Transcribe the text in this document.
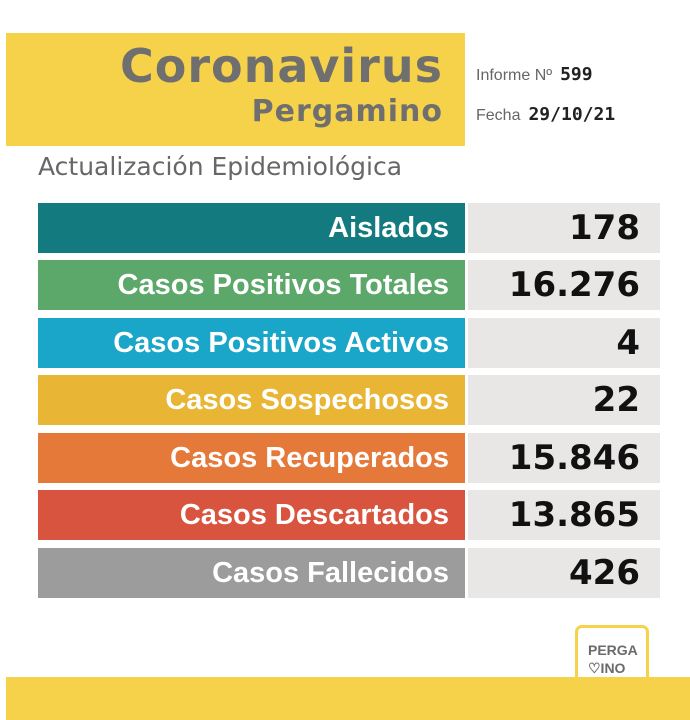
Coronavirus
Pergamino
Informe Nº 599
Fecha 29/10/21
Actualización Epidemiológica
Aislados	178
Casos Positivos Totales	16.276
Casos Positivos Activos	4
Casos Sospechosos	22
Casos Recuperados	15.846
Casos Descartados	13.865
Casos Fallecidos	426
PERGA
♡INO
